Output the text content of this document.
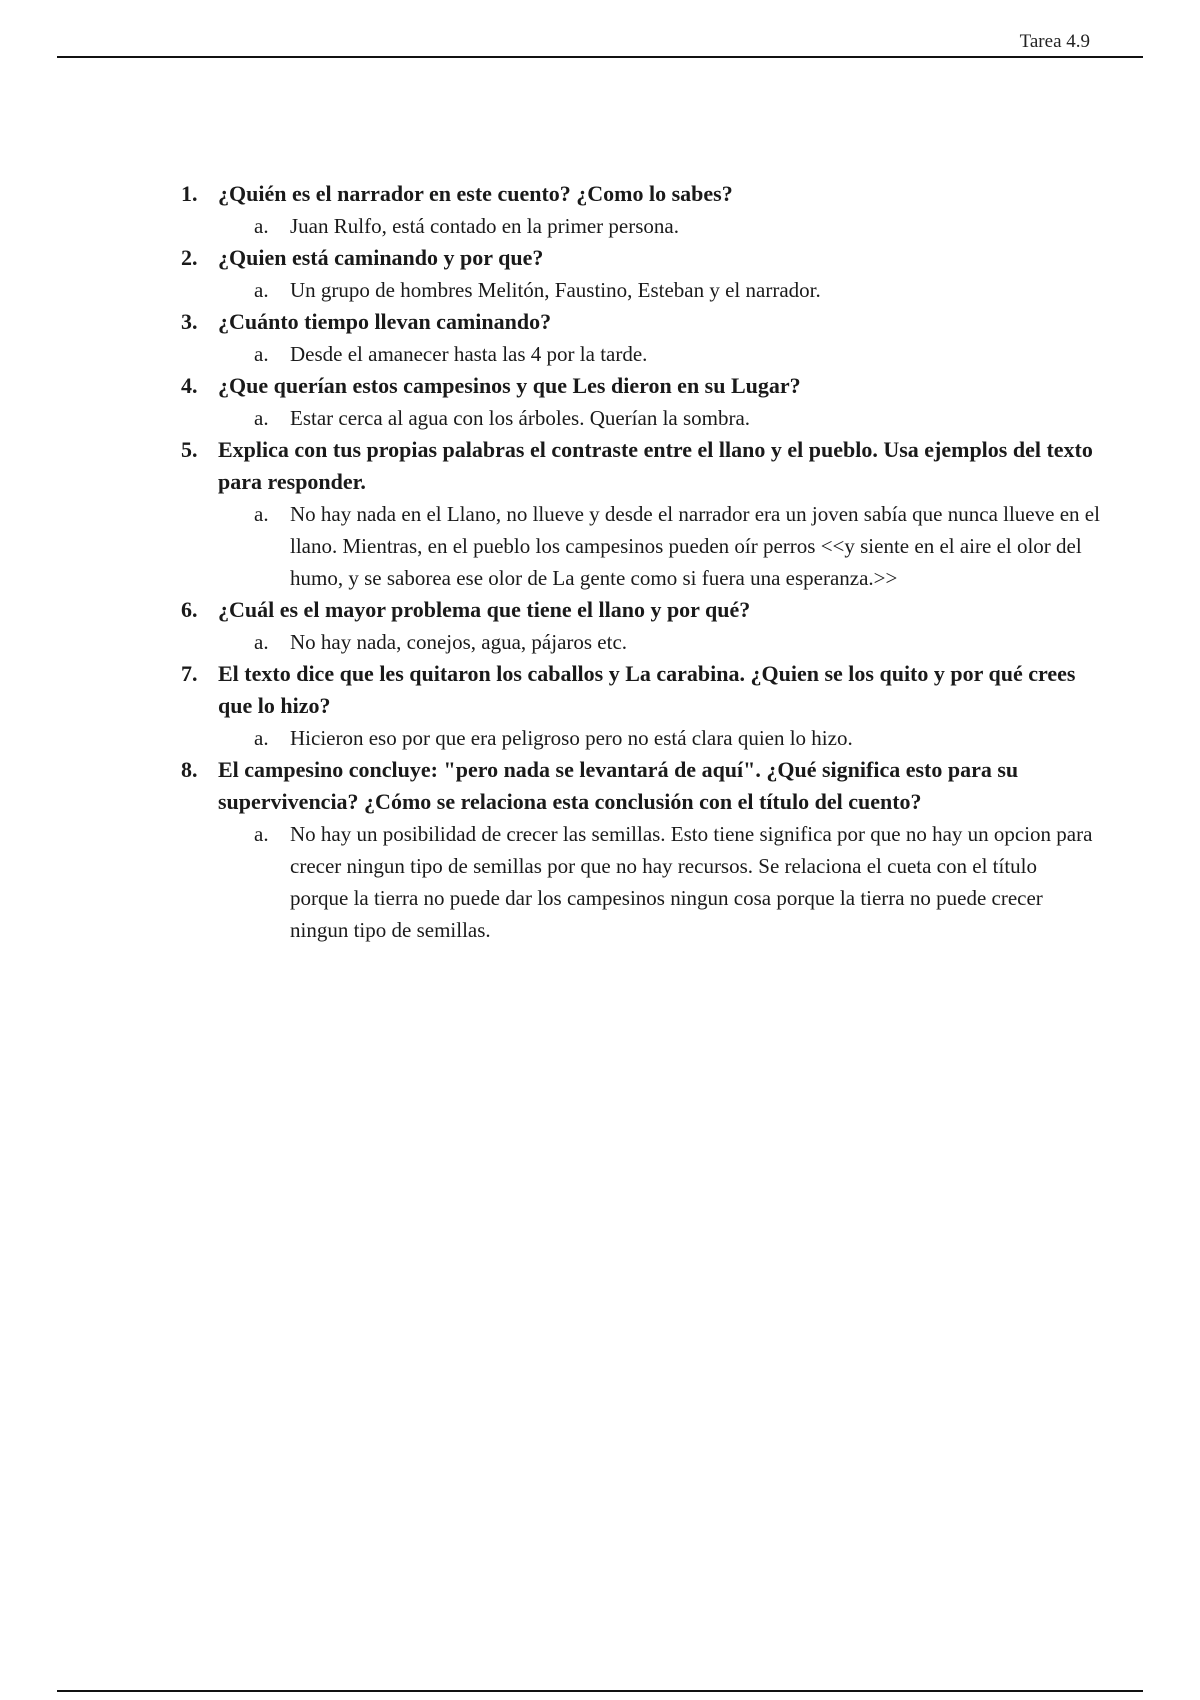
Tarea 4.9
1. ¿Quién es el narrador en este cuento? ¿Como lo sabes?
a. Juan Rulfo, está contado en la primer persona.
2. ¿Quien está caminando y por que?
a. Un grupo de hombres Melitón, Faustino, Esteban y el narrador.
3. ¿Cuánto tiempo llevan caminando?
a. Desde el amanecer hasta las 4 por la tarde.
4. ¿Que querían estos campesinos y que Les dieron en su Lugar?
a. Estar cerca al agua con los árboles. Querían la sombra.
5. Explica con tus propias palabras el contraste entre el llano y el pueblo. Usa ejemplos del texto para responder.
a. No hay nada en el Llano, no llueve y desde el narrador era un joven sabía que nunca llueve en el llano. Mientras, en el pueblo los campesinos pueden oír perros <<y siente en el aire el olor del humo, y se saborea ese olor de La gente como si fuera una esperanza.>>
6. ¿Cuál es el mayor problema que tiene el llano y por qué?
a. No hay nada, conejos, agua, pájaros etc.
7. El texto dice que les quitaron los caballos y La carabina. ¿Quien se los quito y por qué crees que lo hizo?
a. Hicieron eso por que era peligroso pero no está clara quien lo hizo.
8. El campesino concluye: "pero nada se levantará de aquí". ¿Qué significa esto para su supervivencia? ¿Cómo se relaciona esta conclusión con el título del cuento?
a. No hay un posibilidad de crecer las semillas. Esto tiene significa por que no hay un opcion para crecer ningun tipo de semillas por que no hay recursos. Se relaciona el cueta con el título porque la tierra no puede dar los campesinos ningun cosa porque la tierra no puede crecer ningun tipo de semillas.
